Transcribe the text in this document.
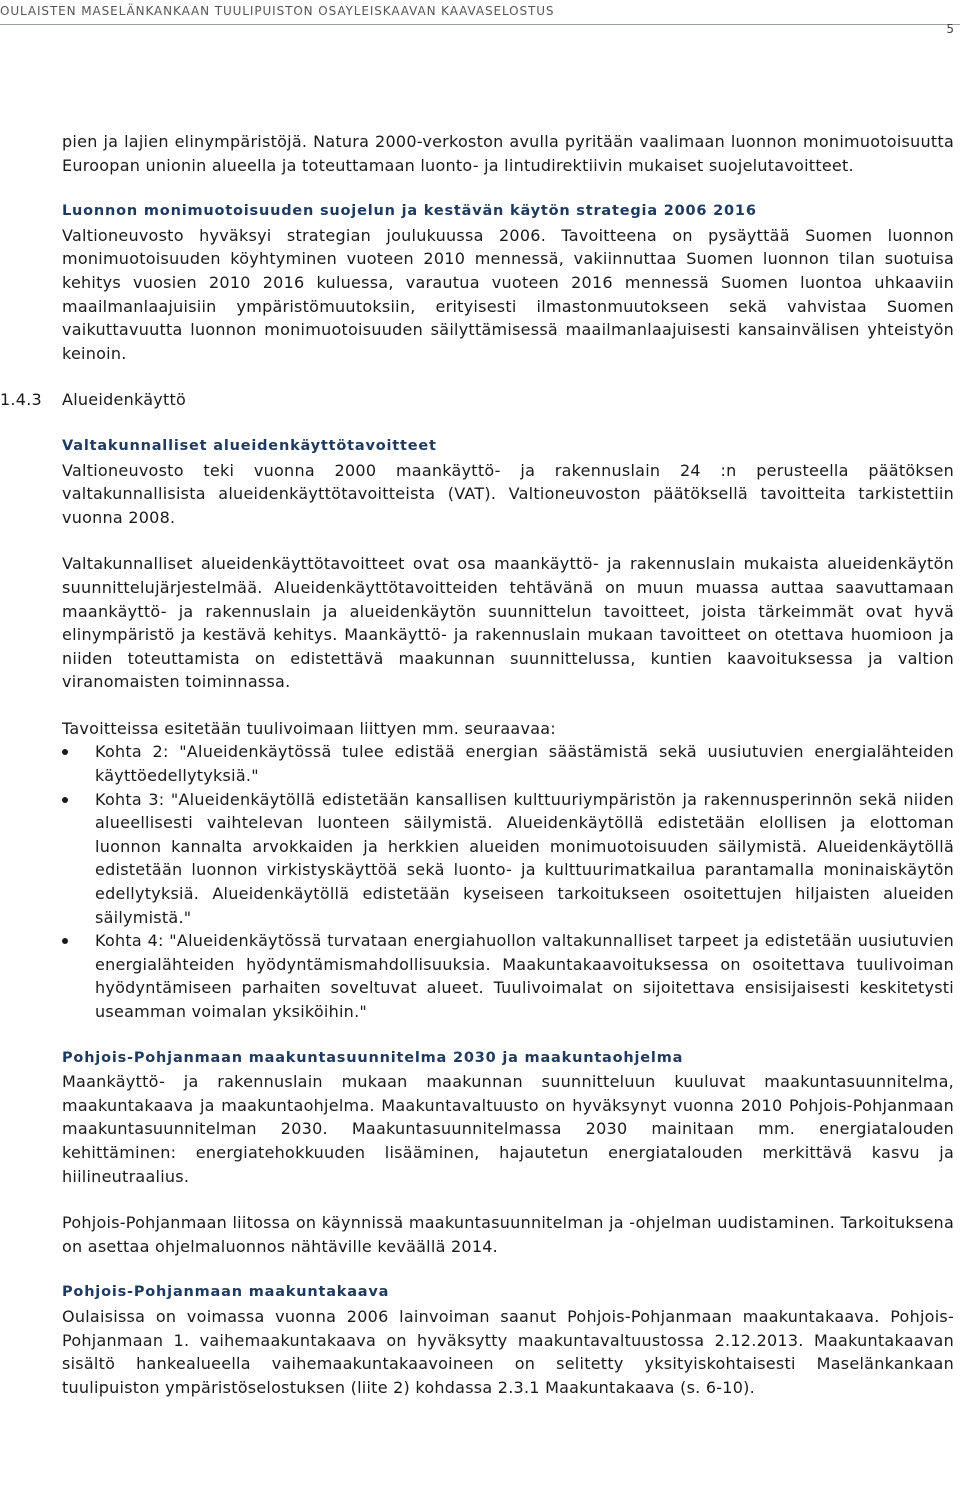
OULAISTEN MASELÄNKANKAAN TUULIPUISTON OSAYLEISKAAVAN KAAVASELOSTUS
5

pien ja lajien elinympäristöjä. Natura 2000-verkoston avulla pyritään vaalimaan luonnon monimuotoisuutta Euroopan unionin alueella ja toteuttamaan luonto- ja lintudirektiivin mukaiset suojelutavoitteet.

Luonnon monimuotoisuuden suojelun ja kestävän käytön strategia 2006 2016

Valtioneuvosto hyväksyi strategian joulukuussa 2006. Tavoitteena on pysäyttää Suomen luonnon monimuotoisuuden köyhtyminen vuoteen 2010 mennessä, vakiinnuttaa Suomen luonnon tilan suotuisa kehitys vuosien 2010 2016 kuluessa, varautua vuoteen 2016 mennessä Suomen luontoa uhkaaviin maailmanlaajuisiin ympäristömuutoksiin, erityisesti ilmastonmuutokseen sekä vahvistaa Suomen vaikuttavuutta luonnon monimuotoisuuden säilyttämisessä maailmanlaajuisesti kansainvälisen yhteistyön keinoin.

1.4.3	Alueidenkäyttö
Valtakunnalliset alueidenkäyttötavoitteet

Valtioneuvosto teki vuonna 2000 maankäyttö- ja rakennuslain 24 :n perusteella päätöksen valtakunnallisista alueidenkäyttötavoitteista (VAT). Valtioneuvoston päätöksellä tavoitteita tarkistettiin vuonna 2008.

Valtakunnalliset alueidenkäyttötavoitteet ovat osa maankäyttö- ja rakennuslain mukaista alueidenkäytön suunnittelujärjestelmää. Alueidenkäyttötavoitteiden tehtävänä on muun muassa auttaa saavuttamaan maankäyttö- ja rakennuslain ja alueidenkäytön suunnittelun tavoitteet, joista tärkeimmät ovat hyvä elinympäristö ja kestävä kehitys. Maankäyttö- ja rakennuslain mukaan tavoitteet on otettava huomioon ja niiden toteuttamista on edistettävä maakunnan suunnittelussa, kuntien kaavoituksessa ja valtion viranomaisten toiminnassa.

Tavoitteissa esitetään tuulivoimaan liittyen mm. seuraavaa:

Kohta 2: "Alueidenkäytössä tulee edistää energian säästämistä sekä uusiutuvien energialähteiden käyttöedellytyksiä."
Kohta 3: "Alueidenkäytöllä edistetään kansallisen kulttuuriympäristön ja rakennusperinnön sekä niiden alueellisesti vaihtelevan luonteen säilymistä. Alueidenkäytöllä edistetään elollisen ja elottoman luonnon kannalta arvokkaiden ja herkkien alueiden monimuotoisuuden säilymistä. Alueidenkäytöllä edistetään luonnon virkistyskäyttöä sekä luonto- ja kulttuurimatkailua parantamalla moninaiskäytön edellytyksiä. Alueidenkäytöllä edistetään kyseiseen tarkoitukseen osoitettujen hiljaisten alueiden säilymistä."
Kohta 4: "Alueidenkäytössä turvataan energiahuollon valtakunnalliset tarpeet ja edistetään uusiutuvien energialähteiden hyödyntämismahdollisuuksia. Maakuntakaavoituksessa on osoitettava tuulivoiman hyödyntämiseen parhaiten soveltuvat alueet. Tuulivoimalat on sijoitettava ensisijaisesti keskitetysti useamman voimalan yksiköihin."
Pohjois-Pohjanmaan maakuntasuunnitelma 2030 ja maakuntaohjelma

Maankäyttö- ja rakennuslain mukaan maakunnan suunnitteluun kuuluvat maakuntasuunnitelma, maakuntakaava ja maakuntaohjelma. Maakuntavaltuusto on hyväksynyt vuonna 2010 Pohjois-Pohjanmaan maakuntasuunnitelman 2030. Maakuntasuunnitelmassa 2030 mainitaan mm. energiatalouden kehittäminen: energiatehokkuuden lisääminen, hajautetun energiatalouden merkittävä kasvu ja hiilineutraalius.

Pohjois-Pohjanmaan liitossa on käynnissä maakuntasuunnitelman ja -ohjelman uudistaminen. Tarkoituksena on asettaa ohjelmaluonnos nähtäville keväällä 2014.

Pohjois-Pohjanmaan maakuntakaava

Oulaisissa on voimassa vuonna 2006 lainvoiman saanut Pohjois-Pohjanmaan maakuntakaava. Pohjois-Pohjanmaan 1. vaihemaakuntakaava on hyväksytty maakuntavaltuustossa 2.12.2013. Maakuntakaavan sisältö hankealueella vaihemaakuntakaavoineen on selitetty yksityiskohtaisesti Maselänkankaan tuulipuiston ympäristöselostuksen (liite 2) kohdassa 2.3.1 Maakuntakaava (s. 6-10).
